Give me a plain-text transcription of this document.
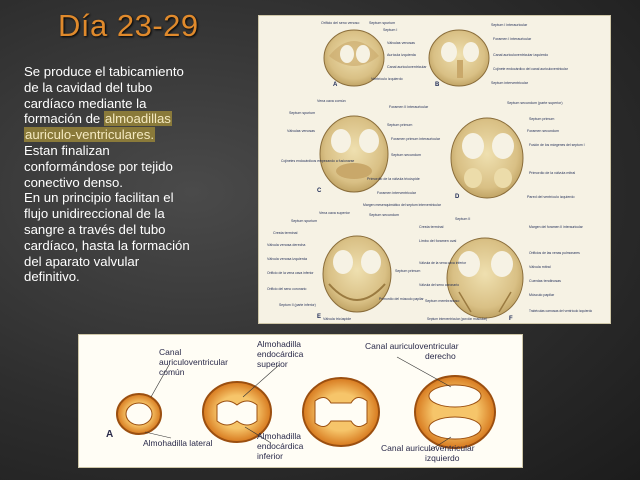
Día 23-29
Se produce el tabicamiento
de la cavidad del tubo
cardíaco mediante la
formación de almoadillas
auriculo-ventriculares.
Estan finalizan
conformándose por tejido
conectivo denso.
En un principio facilitan el
flujo unidireccional de la
sangre a través del tubo
cardíaco, hasta la formación
del aparato valvular
definitivo.
A
Orificio del seno venoso	Septum spurium
Septum I
Válvulas venosas
Aurícula izquierda
Canal auriculoventricular
Ventrículo izquierdo
B
Septum I interauricular
Foramen I interauricular
Canal auriculoventricular izquierdo
Cojinete endocárdico del canal auriculoventricular
Septum interventricular
C
Vena cava común
Septum spurium
Válvulas venosas
Septum primum
Cojinetes endocárdicos empezando a fusionarse
Foramen II interauricular
Foramen primum interauricular
Septum secundum
Primordio de la válvula tricúspide
Foramen interventricular
Margen mesenquimático del septum interventricular
D
Septum secundum (parte superior)
Septum primum
Foramen secundum
Fusión de los márgenes del septum I
Primordio de la válvula mitral
Pared del ventrículo izquierdo
E
Vena cava superior
Septum spurium
Septum secundum
Cresta terminal
Válvula venosa derecha
Válvula venosa izquierda
Orificio de la vena cava inferior
Orificio del seno coronario
Septum II (parte inferior)
Válvula tricúspide
Septum primum
Primordio del músculo papilar
F
Septum II
Cresta terminal
Limbo del foramen oval
Válvula de la vena cava inferior
Válvula del seno coronario
Septum membranoso
Septum interventricular (porción muscular)
Margen del foramen II interauricular
Orificios de las venas pulmonares
Válvula mitral
Cuerdas tendinosas
Músculo papilar
Trabéculas carnosas del ventrículo izquierdo
A
Canal
auriculoventricular
común
Almohadilla
endocárdica
superior
Canal auriculoventricular
derecho
Almohadilla lateral
Almohadilla
endocárdica
inferior
Canal auriculoventricular
izquierdo
